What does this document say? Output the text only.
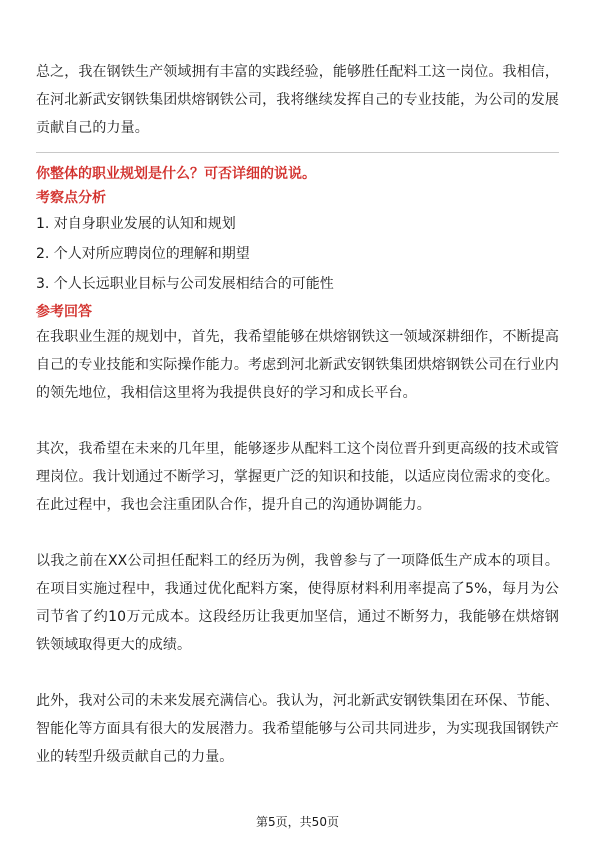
总之，我在钢铁生产领域拥有丰富的实践经验，能够胜任配料工这一岗位。我相信，在河北新武安钢铁集团烘熔钢铁公司，我将继续发挥自己的专业技能，为公司的发展贡献自己的力量。

你整体的职业规划是什么？可否详细的说说。

考察点分析

1. 对自身职业发展的认知和规划
2. 个人对所应聘岗位的理解和期望
3. 个人长远职业目标与公司发展相结合的可能性

参考回答

在我职业生涯的规划中，首先，我希望能够在烘熔钢铁这一领域深耕细作，不断提高自己的专业技能和实际操作能力。考虑到河北新武安钢铁集团烘熔钢铁公司在行业内的领先地位，我相信这里将为我提供良好的学习和成长平台。

其次，我希望在未来的几年里，能够逐步从配料工这个岗位晋升到更高级的技术或管理岗位。我计划通过不断学习，掌握更广泛的知识和技能，以适应岗位需求的变化。在此过程中，我也会注重团队合作，提升自己的沟通协调能力。

以我之前在XX公司担任配料工的经历为例，我曾参与了一项降低生产成本的项目。在项目实施过程中，我通过优化配料方案，使得原材料利用率提高了5%，每月为公司节省了约10万元成本。这段经历让我更加坚信，通过不断努力，我能够在烘熔钢铁领域取得更大的成绩。

此外，我对公司的未来发展充满信心。我认为，河北新武安钢铁集团在环保、节能、智能化等方面具有很大的发展潜力。我希望能够与公司共同进步，为实现我国钢铁产业的转型升级贡献自己的力量。

第5页，共50页
